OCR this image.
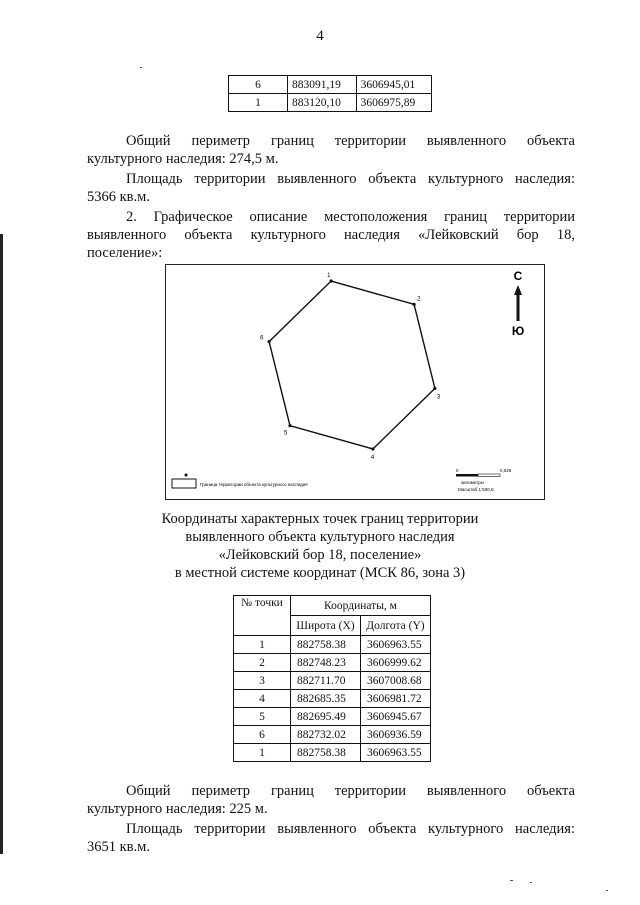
4
6	883091,19	3606945,01
1	883120,10	3606975,89

Общий периметр границ территории выявленного объекта

культурного наследия: 274,5 м.

Площадь территории выявленного объекта культурного наследия:

5366 кв.м.

2. Графическое описание местоположения границ территории

выявленного объекта культурного наследия «Лейковский бор 18,

поселение»:

1
2
3
4
5
6
С
Ю
Граница территории объекта культурного наследия
0	0,025
километры
Масштаб 1:500,0
Координаты характерных точек границ территории
выявленного объекта культурного наследия
«Лейковский бор 18, поселение»
в местной системе координат (МСК 86, зона 3)
№ точки	Координаты, м	
	Широта (X)	Долгота (Y)
1	882758.38	3606963.55
2	882748.23	3606999.62
3	882711.70	3607008.68
4	882685.35	3606981.72
5	882695.49	3606945.67
6	882732.02	3606936.59
1	882758.38	3606963.55

Общий периметр границ территории выявленного объекта

культурного наследия: 225 м.

Площадь территории выявленного объекта культурного наследия:

3651 кв.м.
